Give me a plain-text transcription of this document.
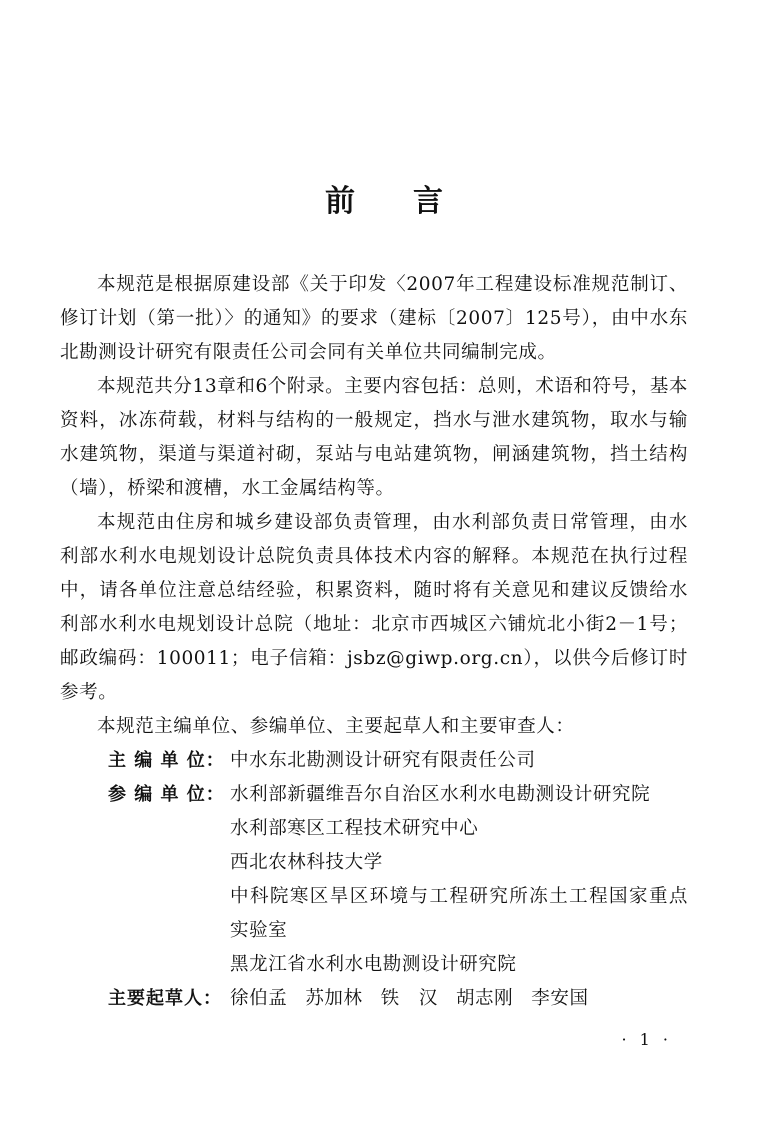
前 言

本规范是根据原建设部《关于印发〈2007年工程建设标准规范制订、修订计划（第一批）〉的通知》的要求（建标〔2007〕125号），由中水东北勘测设计研究有限责任公司会同有关单位共同编制完成。

本规范共分13章和6个附录。主要内容包括：总则，术语和符号，基本资料，冰冻荷载，材料与结构的一般规定，挡水与泄水建筑物，取水与输水建筑物，渠道与渠道衬砌，泵站与电站建筑物，闸涵建筑物，挡土结构（墙），桥梁和渡槽，水工金属结构等。

本规范由住房和城乡建设部负责管理，由水利部负责日常管理，由水利部水利水电规划设计总院负责具体技术内容的解释。本规范在执行过程中，请各单位注意总结经验，积累资料，随时将有关意见和建议反馈给水利部水利水电规划设计总院（地址：北京市西城区六铺炕北小街2－1号；邮政编码：100011；电子信箱：jsbz@giwp.org.cn），以供今后修订时参考。

本规范主编单位、参编单位、主要起草人和主要审查人：

主 编 单 位： 中水东北勘测设计研究有限责任公司
参 编 单 位： 水利部新疆维吾尔自治区水利水电勘测设计研究院
水利部寒区工程技术研究中心
西北农林科技大学
中科院寒区旱区环境与工程研究所冻土工程国家重点实验室
黑龙江省水利水电勘测设计研究院
主要起草人： 徐伯孟 苏加林 铁　汉 胡志刚 李安国
· 1 ·
